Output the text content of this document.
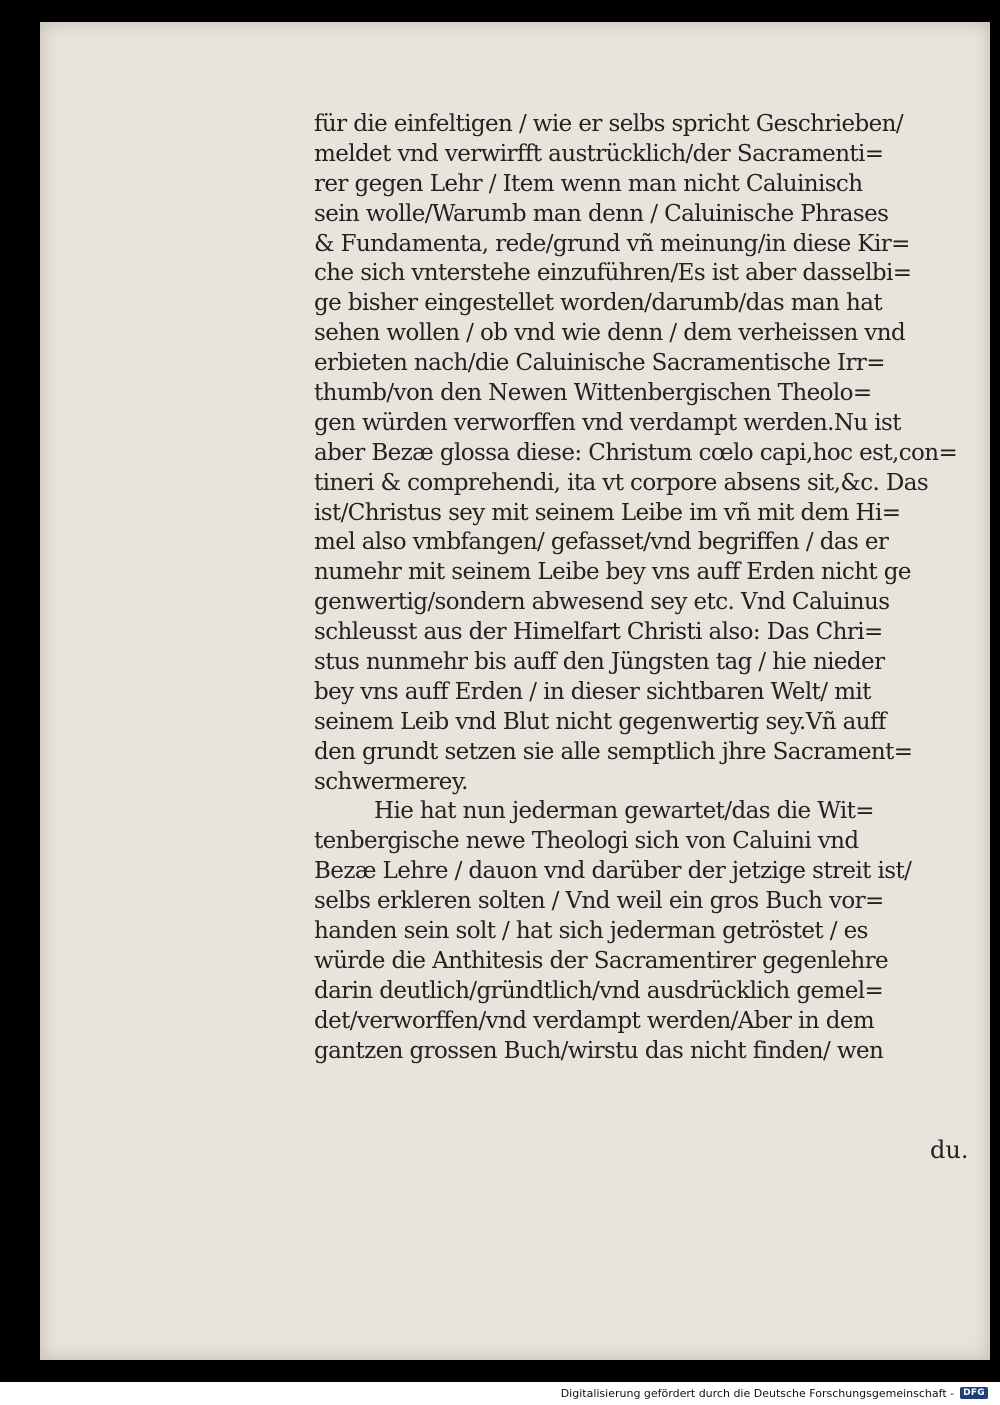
für die einfeltigen / wie er selbs spricht Geschrieben/
meldet vnd verwirfft austrücklich/der Sacramenti=
rer gegen Lehr / Item wenn man nicht Caluinisch
sein wolle/Warumb man denn / Caluinische Phrases
& Fundamenta, rede/grund vñ meinung/in diese Kir=
che sich vnterstehe einzuführen/Es ist aber dasselbi=
ge bisher eingestellet worden/darumb/das man hat
sehen wollen / ob vnd wie denn / dem verheissen vnd
erbieten nach/die Caluinische Sacramentische Irr=
thumb/von den Newen Wittenbergischen Theolo=
gen würden verworffen vnd verdampt werden.Nu ist
aber Bezæ glossa diese: Christum cœlo capi,hoc est,con=
tineri & comprehendi, ita vt corpore absens sit,&c. Das
ist/Christus sey mit seinem Leibe im vñ mit dem Hi=
mel also vmbfangen/ gefasset/vnd begriffen / das er
numehr mit seinem Leibe bey vns auff Erden nicht ge
genwertig/sondern abwesend sey etc. Vnd Caluinus
schleusst aus der Himelfart Christi also: Das Chri=
stus nunmehr bis auff den Jüngsten tag / hie nieder
bey vns auff Erden / in dieser sichtbaren Welt/ mit
seinem Leib vnd Blut nicht gegenwertig sey.Vñ auff
den grundt setzen sie alle semptlich jhre Sacrament=
schwermerey.
Hie hat nun jederman gewartet/das die Wit=
tenbergische newe Theologi sich von Caluini vnd
Bezæ Lehre / dauon vnd darüber der jetzige streit ist/
selbs erkleren solten / Vnd weil ein gros Buch vor=
handen sein solt / hat sich jederman getröstet / es
würde die Anthitesis der Sacramentirer gegenlehre
darin deutlich/gründtlich/vnd ausdrücklich gemel=
det/verworffen/vnd verdampt werden/Aber in dem
gantzen grossen Buch/wirstu das nicht finden/ wen
du.
Digitalisierung gefördert durch die Deutsche Forschungsgemeinschaft -	DFG
